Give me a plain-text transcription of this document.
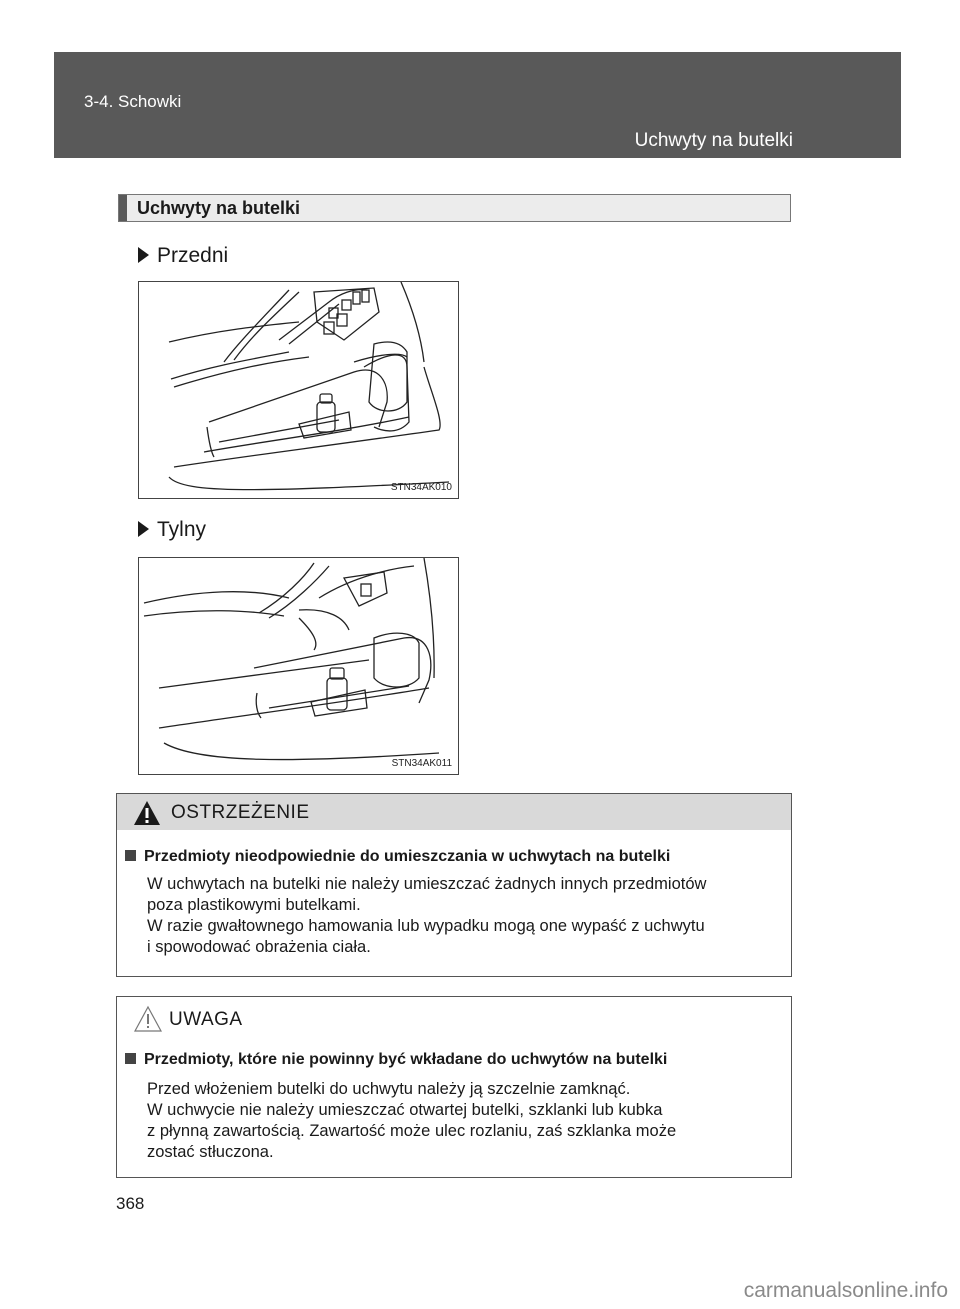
3-4. Schowki
Uchwyty na butelki
Uchwyty na butelki
Przedni
STN34AK010
Tylny
STN34AK011
OSTRZEŻENIE
Przedmioty nieodpowiednie do umieszczania w uchwytach na butelki
W uchwytach na butelki nie należy umieszczać żadnych innych przedmiotów
poza plastikowymi butelkami.
W razie gwałtownego hamowania lub wypadku mogą one wypaść z uchwytu
i spowodować obrażenia ciała.
UWAGA
Przedmioty, które nie powinny być wkładane do uchwytów na butelki
Przed włożeniem butelki do uchwytu należy ją szczelnie zamknąć.
W uchwycie nie należy umieszczać otwartej butelki, szklanki lub kubka
z płynną zawartością. Zawartość może ulec rozlaniu, zaś szklanka może
zostać stłuczona.
368
carmanualsonline.info
